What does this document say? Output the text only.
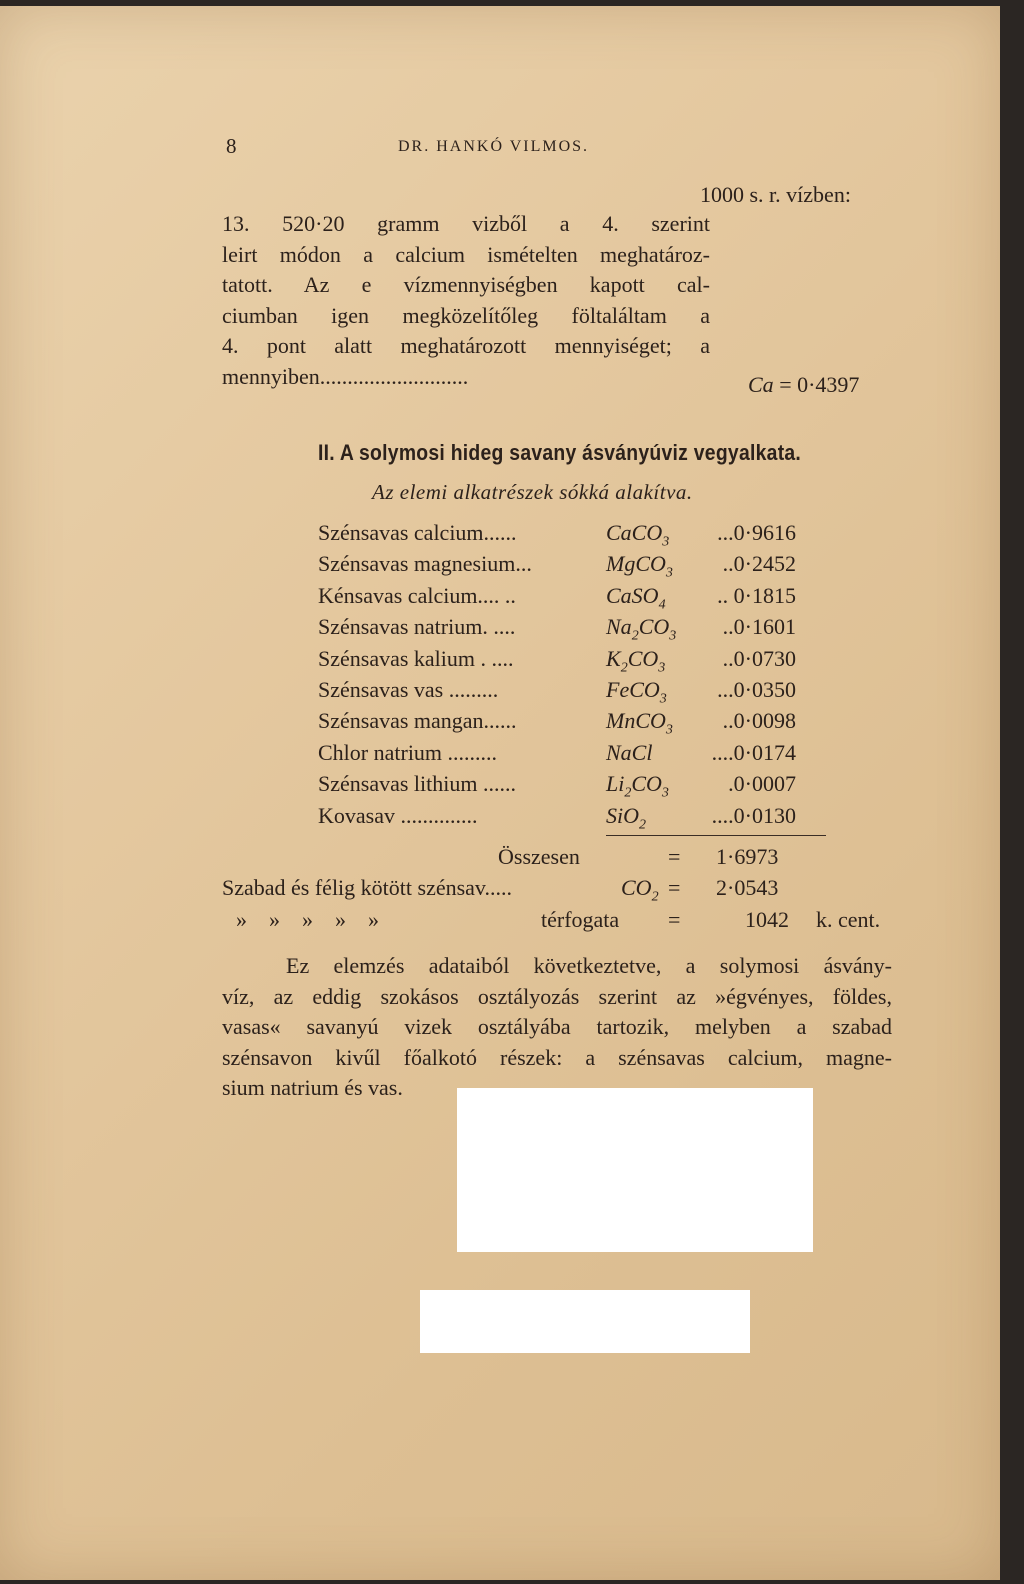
8	DR. HANKÓ VILMOS.
1000 s. r. vízben:
13. 520·20 gramm vizből a 4. szerint
leirt módon a calcium ismételten meghatároz-
tatott. Az e vízmennyiségben kapott cal-
ciumban igen megközelítőleg föltaláltam a
4. pont alatt meghatározott mennyiséget; a
mennyiben...........................	Ca = 0·4397
II. A solymosi hideg savany ásványúviz vegyalkata.
Az elemi alkatrészek sókká alakítva.
Szénsavas calcium......	CaCO$_3$ ...0·9616
Szénsavas magnesium...	MgCO$_3$ ..0·2452
Kénsavas calcium.... ..	CaSO$_4$ .. 0·1815
Szénsavas natrium. ....	$Na_2CO_3$ ..0·1601
Szénsavas kalium . ....	$K_2CO_3$	..0·0730
Szénsavas vas .........	FeCO$_3$ ...0·0350
Szénsavas mangan......	MnCO$_3$ ..0·0098
Chlor natrium .........	NaCl	....0·0174
Szénsavas lithium ......	$Li_2CO_3$	.0·0007
Kovasav ..............	SiO$_2$	....0·0130
Összesen	= 1·6973
Szabad és félig kötött szénsav.....	$CO_2 = 2\cdot 0543$
»    »    »    »    »	térfogata =	1042 k. cent.
Ez elemzés adataiból következtetve, a solymosi ásvány-
víz, az eddig szokásos osztályozás szerint az »égvényes, földes,
vasas« savanyú vizek osztályába tartozik, melyben a szabad
szénsavon kivűl főalkotó részek: a szénsavas calcium, magne-
sium natrium és vas.
